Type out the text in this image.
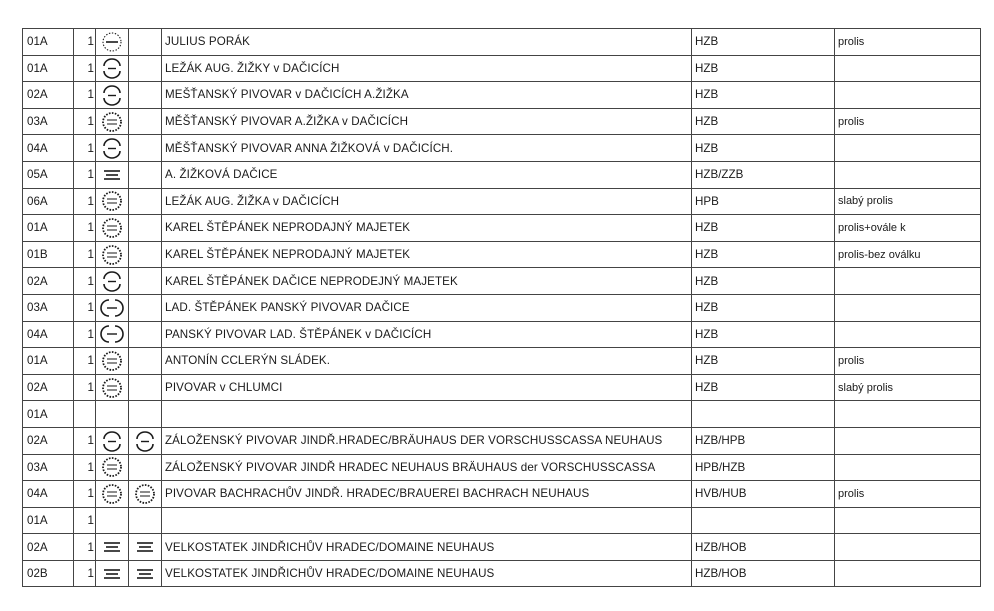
01A	1			JULIUS PORÁK	HZB	prolis
01A	1			LEŽÁK AUG. ŽIŽKY v DAČICÍCH	HZB	
02A	1			MEŠŤANSKÝ PIVOVAR v DAČICÍCH A.ŽIŽKA	HZB	
03A	1			MĚŠŤANSKÝ PIVOVAR A.ŽIŽKA v DAČICÍCH	HZB	prolis
04A	1			MĚŠŤANSKÝ PIVOVAR ANNA ŽIŽKOVÁ v DAČICÍCH.	HZB	
05A	1			A. ŽIŽKOVÁ DAČICE	HZB/ZZB	
06A	1			LEŽÁK AUG. ŽIŽKA v DAČICÍCH	HPB	slabý prolis
01A	1			KAREL ŠTĚPÁNEK NEPRODAJNÝ MAJETEK	HZB	prolis+ovále k
01B	1			KAREL ŠTĚPÁNEK NEPRODAJNÝ MAJETEK	HZB	prolis-bez oválku
02A	1			KAREL ŠTĚPÁNEK DAČICE NEPRODEJNÝ MAJETEK	HZB	
03A	1			LAD. ŠTĚPÁNEK PANSKÝ PIVOVAR DAČICE	HZB	
04A	1			PANSKÝ PIVOVAR LAD. ŠTĚPÁNEK v DAČICÍCH	HZB	
01A	1			ANTONÍN CCLERÝN SLÁDEK.	HZB	prolis
02A	1			PIVOVAR v CHLUMCI	HZB	slabý prolis
01A						
02A	1			ZÁLOŽENSKÝ PIVOVAR JINDŘ.HRADEC/BRÄUHAUS DER VORSCHUSSCASSA NEUHAUS	HZB/HPB	
03A	1			ZÁLOŽENSKÝ PIVOVAR JINDŘ HRADEC NEUHAUS BRÄUHAUS der VORSCHUSSCASSA	HPB/HZB	
04A	1			PIVOVAR BACHRACHŮV JINDŘ. HRADEC/BRAUEREI BACHRACH NEUHAUS	HVB/HUB	prolis
01A	1					
02A	1			VELKOSTATEK JINDŘICHŮV HRADEC/DOMAINE NEUHAUS	HZB/HOB	
02B	1			VELKOSTATEK JINDŘICHŮV HRADEC/DOMAINE NEUHAUS	HZB/HOB	
